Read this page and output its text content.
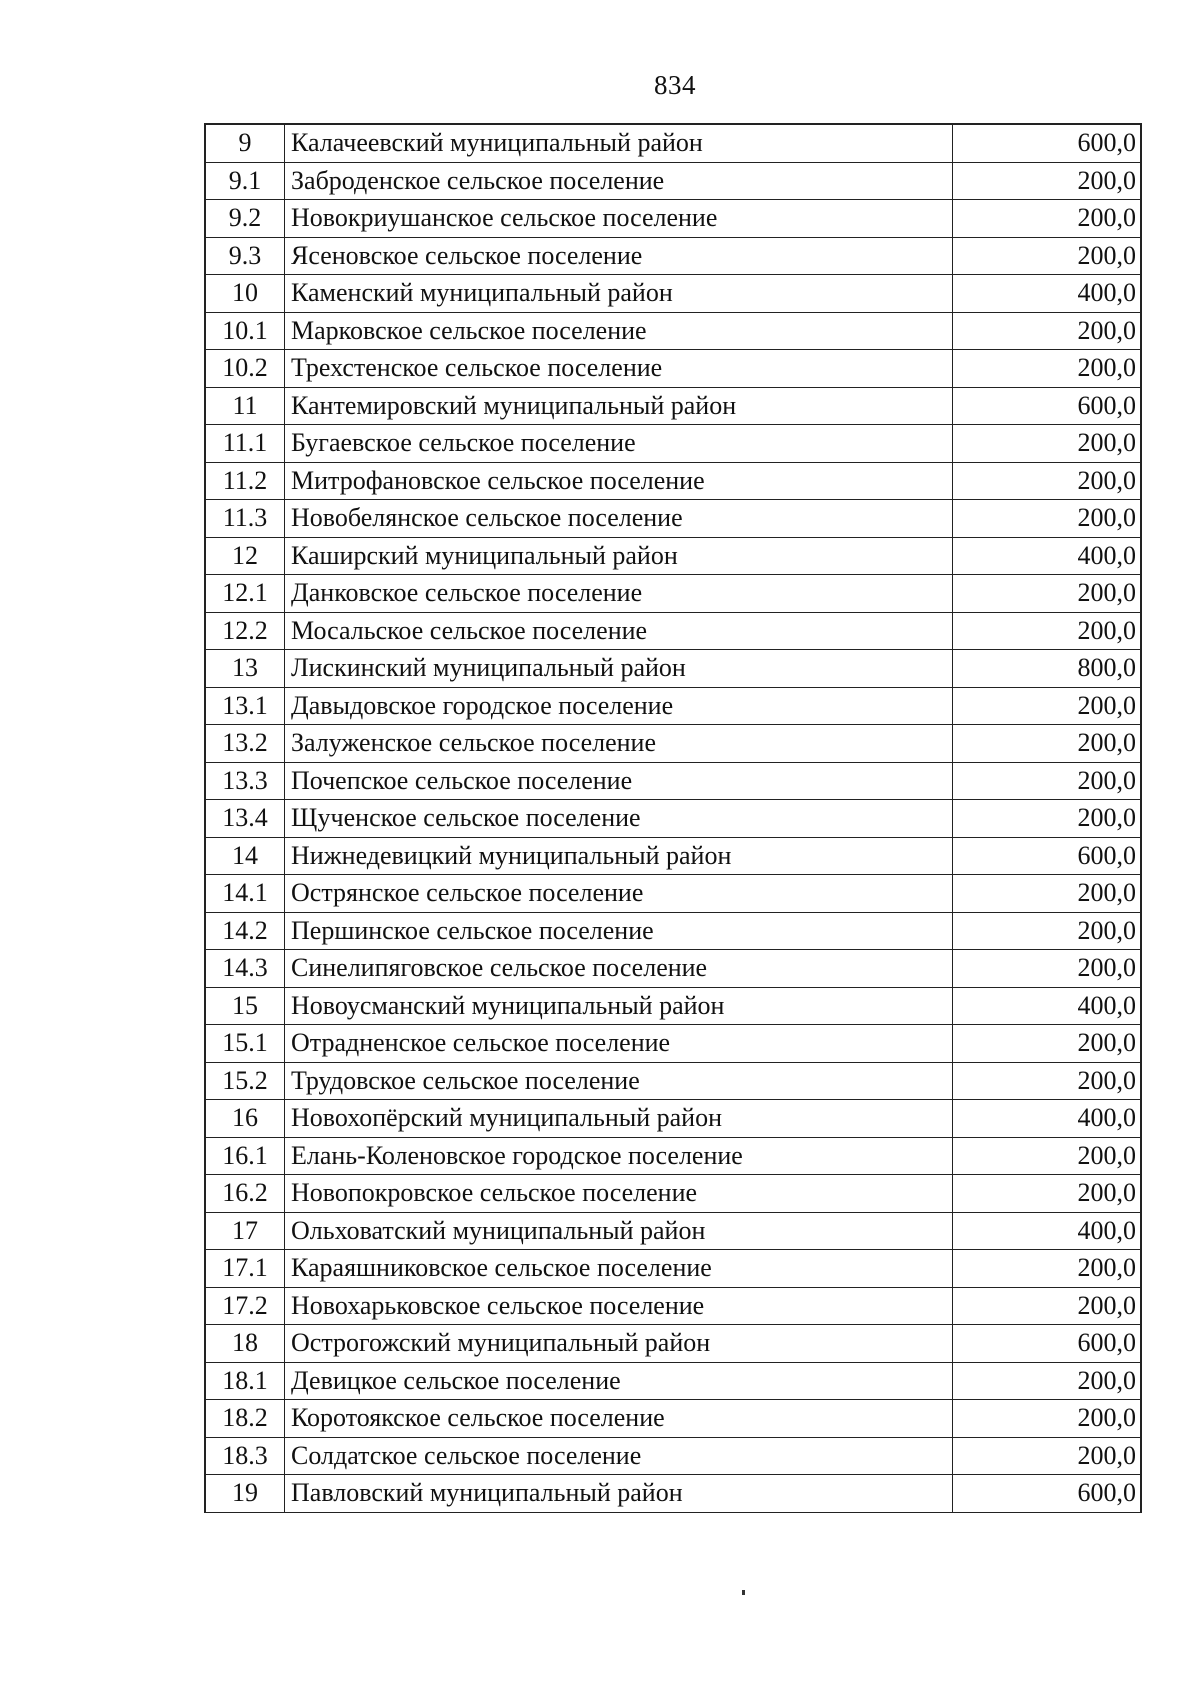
834
9	Калачеевский муниципальный район	600,0
9.1	Заброденское сельское поселение	200,0
9.2	Новокриушанское сельское поселение	200,0
9.3	Ясеновское сельское поселение	200,0
10	Каменский муниципальный район	400,0
10.1 Марковское сельское поселение	200,0
10.2 Трехстенское сельское поселение	200,0
11	Кантемировский муниципальный район	600,0
11.1 Бугаевское сельское поселение	200,0
11.2 Митрофановское сельское поселение	200,0
11.3 Новобелянское сельское поселение	200,0
12	Каширский муниципальный район	400,0
12.1 Данковское сельское поселение	200,0
12.2 Мосальское сельское поселение	200,0
13	Лискинский муниципальный район	800,0
13.1 Давыдовское городское поселение	200,0
13.2 Залуженское сельское поселение	200,0
13.3 Почепское сельское поселение	200,0
13.4 Щученское сельское поселение	200,0
14	Нижнедевицкий муниципальный район	600,0
14.1 Острянское сельское поселение	200,0
14.2 Першинское сельское поселение	200,0
14.3 Синелипяговское сельское поселение	200,0
15	Новоусманский муниципальный район	400,0
15.1 Отрадненское сельское поселение	200,0
15.2 Трудовское сельское поселение	200,0
16	Новохопёрский муниципальный район	400,0
16.1 Елань-Коленовское городское поселение	200,0
16.2 Новопокровское сельское поселение	200,0
17	Ольховатский муниципальный район	400,0
17.1 Караяшниковское сельское поселение	200,0
17.2 Новохарьковское сельское поселение	200,0
18	Острогожский муниципальный район	600,0
18.1 Девицкое сельское поселение	200,0
18.2 Коротоякское сельское поселение	200,0
18.3 Солдатское сельское поселение	200,0
19	Павловский муниципальный район	600,0
